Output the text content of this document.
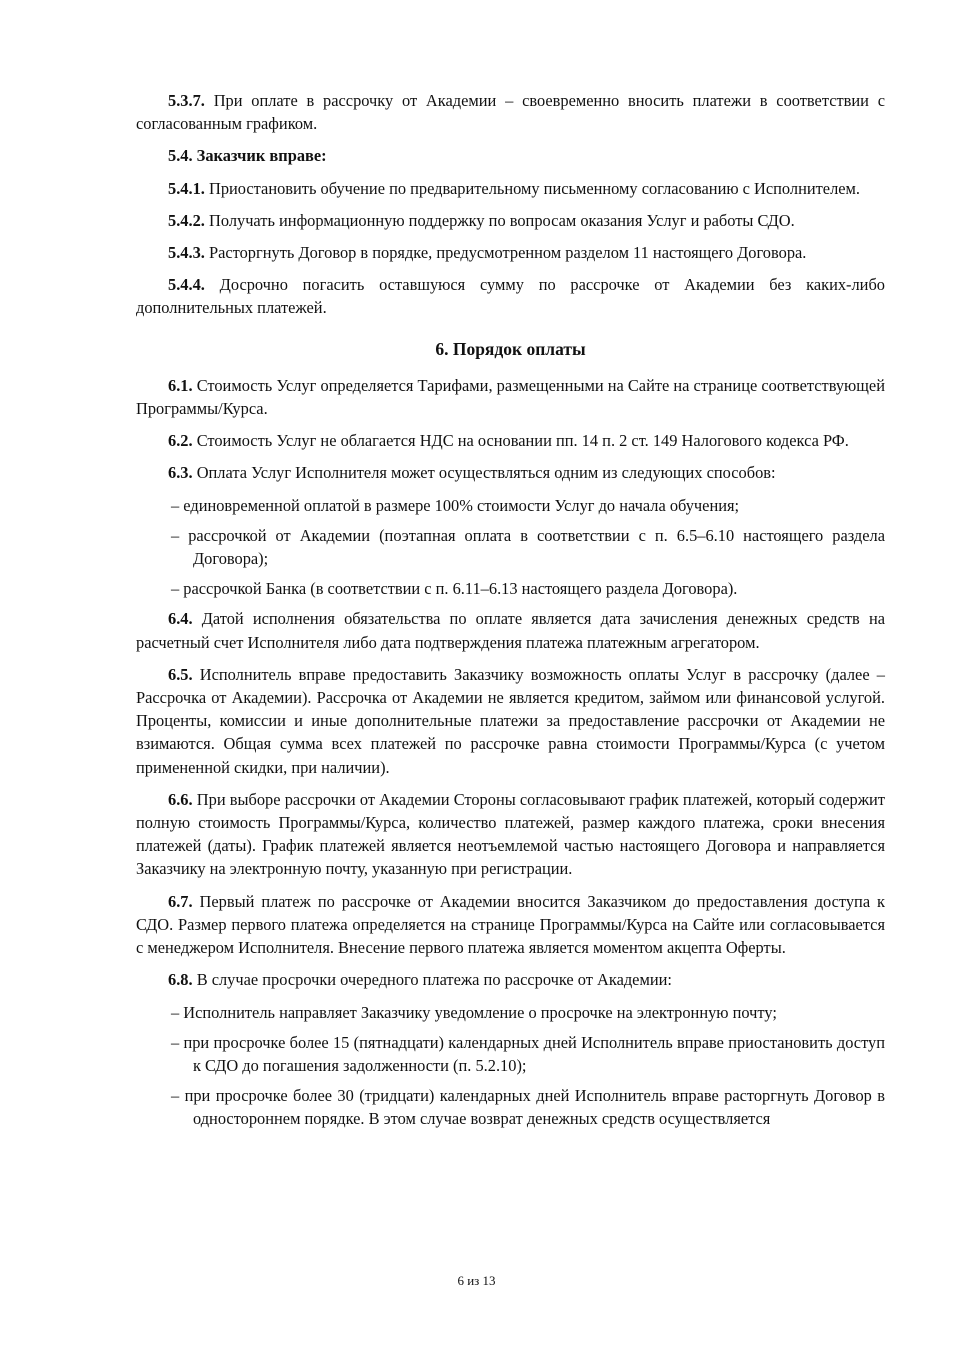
5.3.7. При оплате в рассрочку от Академии – своевременно вносить платежи в соответствии с согласованным графиком.

5.4. Заказчик вправе:

5.4.1. Приостановить обучение по предварительному письменному согласованию с Исполнителем.

5.4.2. Получать информационную поддержку по вопросам оказания Услуг и работы СДО.

5.4.3. Расторгнуть Договор в порядке, предусмотренном разделом 11 настоящего Договора.

5.4.4. Досрочно погасить оставшуюся сумму по рассрочке от Академии без каких-либо дополнительных платежей.

6. Порядок оплаты

6.1. Стоимость Услуг определяется Тарифами, размещенными на Сайте на странице соответствующей Программы/Курса.

6.2. Стоимость Услуг не облагается НДС на основании пп. 14 п. 2 ст. 149 Налогового кодекса РФ.

6.3. Оплата Услуг Исполнителя может осуществляться одним из следующих способов:

– единовременной оплатой в размере 100% стоимости Услуг до начала обучения;

– рассрочкой от Академии (поэтапная оплата в соответствии с п. 6.5–6.10 настоящего раздела Договора);

– рассрочкой Банка (в соответствии с п. 6.11–6.13 настоящего раздела Договора).

6.4. Датой исполнения обязательства по оплате является дата зачисления денежных средств на расчетный счет Исполнителя либо дата подтверждения платежа платежным агрегатором.

6.5. Исполнитель вправе предоставить Заказчику возможность оплаты Услуг в рассрочку (далее – Рассрочка от Академии). Рассрочка от Академии не является кредитом, займом или финансовой услугой. Проценты, комиссии и иные дополнительные платежи за предоставление рассрочки от Академии не взимаются. Общая сумма всех платежей по рассрочке равна стоимости Программы/Курса (с учетом примененной скидки, при наличии).

6.6. При выборе рассрочки от Академии Стороны согласовывают график платежей, который содержит полную стоимость Программы/Курса, количество платежей, размер каждого платежа, сроки внесения платежей (даты). График платежей является неотъемлемой частью настоящего Договора и направляется Заказчику на электронную почту, указанную при регистрации.

6.7. Первый платеж по рассрочке от Академии вносится Заказчиком до предоставления доступа к СДО. Размер первого платежа определяется на странице Программы/Курса на Сайте или согласовывается с менеджером Исполнителя. Внесение первого платежа является моментом акцепта Оферты.

6.8. В случае просрочки очередного платежа по рассрочке от Академии:

– Исполнитель направляет Заказчику уведомление о просрочке на электронную почту;

– при просрочке более 15 (пятнадцати) календарных дней Исполнитель вправе приостановить доступ к СДО до погашения задолженности (п. 5.2.10);

– при просрочке более 30 (тридцати) календарных дней Исполнитель вправе расторгнуть Договор в одностороннем порядке. В этом случае возврат денежных средств осуществляется

6 из 13
